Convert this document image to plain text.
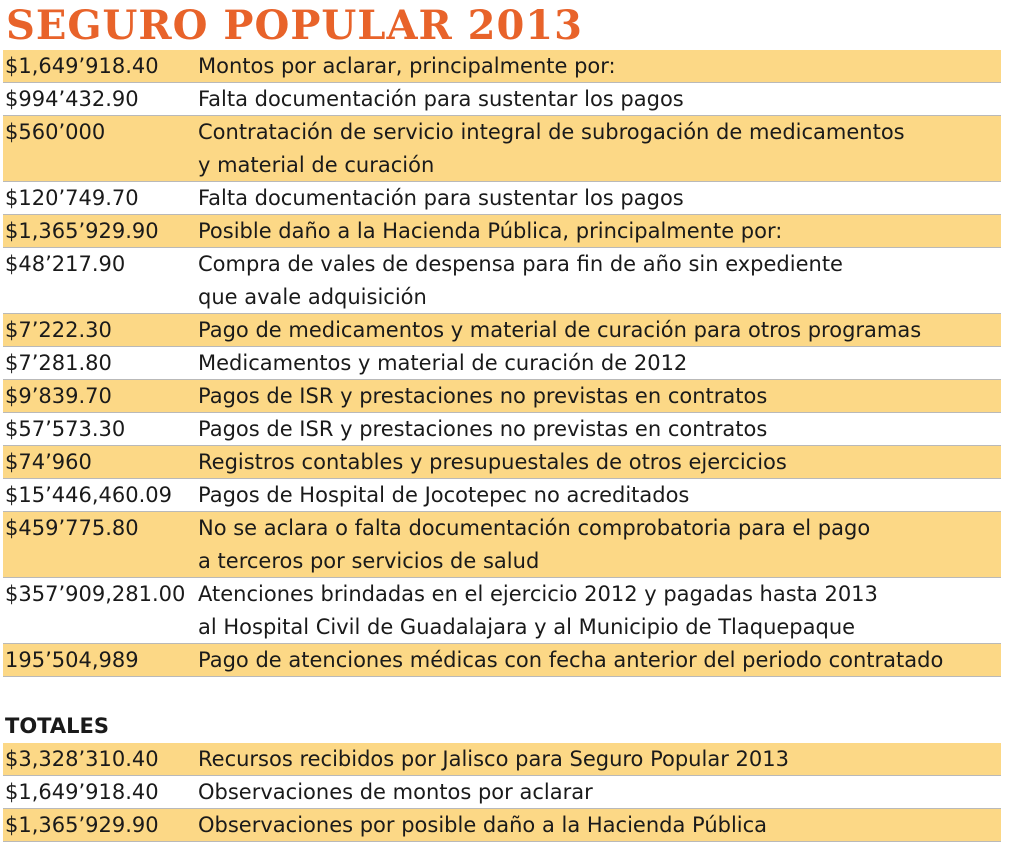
SEGURO POPULAR 2013
$1,649’918.40 Montos por aclarar, principalmente por:
$994’432.90	Falta documentación para sustentar los pagos
$560’000	Contratación de servicio integral de subrogación de medicamentos
y material de curación
$120’749.70	Falta documentación para sustentar los pagos
$1,365’929.90 Posible daño a la Hacienda Pública, principalmente por:
$48’217.90	Compra de vales de despensa para fin de año sin expediente
que avale adquisición
$7’222.30	Pago de medicamentos y material de curación para otros programas
$7’281.80	Medicamentos y material de curación de 2012
$9’839.70	Pagos de ISR y prestaciones no previstas en contratos
$57’573.30	Pagos de ISR y prestaciones no previstas en contratos
$74’960	Registros contables y presupuestales de otros ejercicios
$15’446,460.09 Pagos de Hospital de Jocotepec no acreditados
$459’775.80	No se aclara o falta documentación comprobatoria para el pago
a terceros por servicios de salud
$357’909,281.00 Atenciones brindadas en el ejercicio 2012 y pagadas hasta 2013
al Hospital Civil de Guadalajara y al Municipio de Tlaquepaque
195’504,989	Pago de atenciones médicas con fecha anterior del periodo contratado
TOTALES
$3,328’310.40 Recursos recibidos por Jalisco para Seguro Popular 2013
$1,649’918.40 Observaciones de montos por aclarar
$1,365’929.90 Observaciones por posible daño a la Hacienda Pública
